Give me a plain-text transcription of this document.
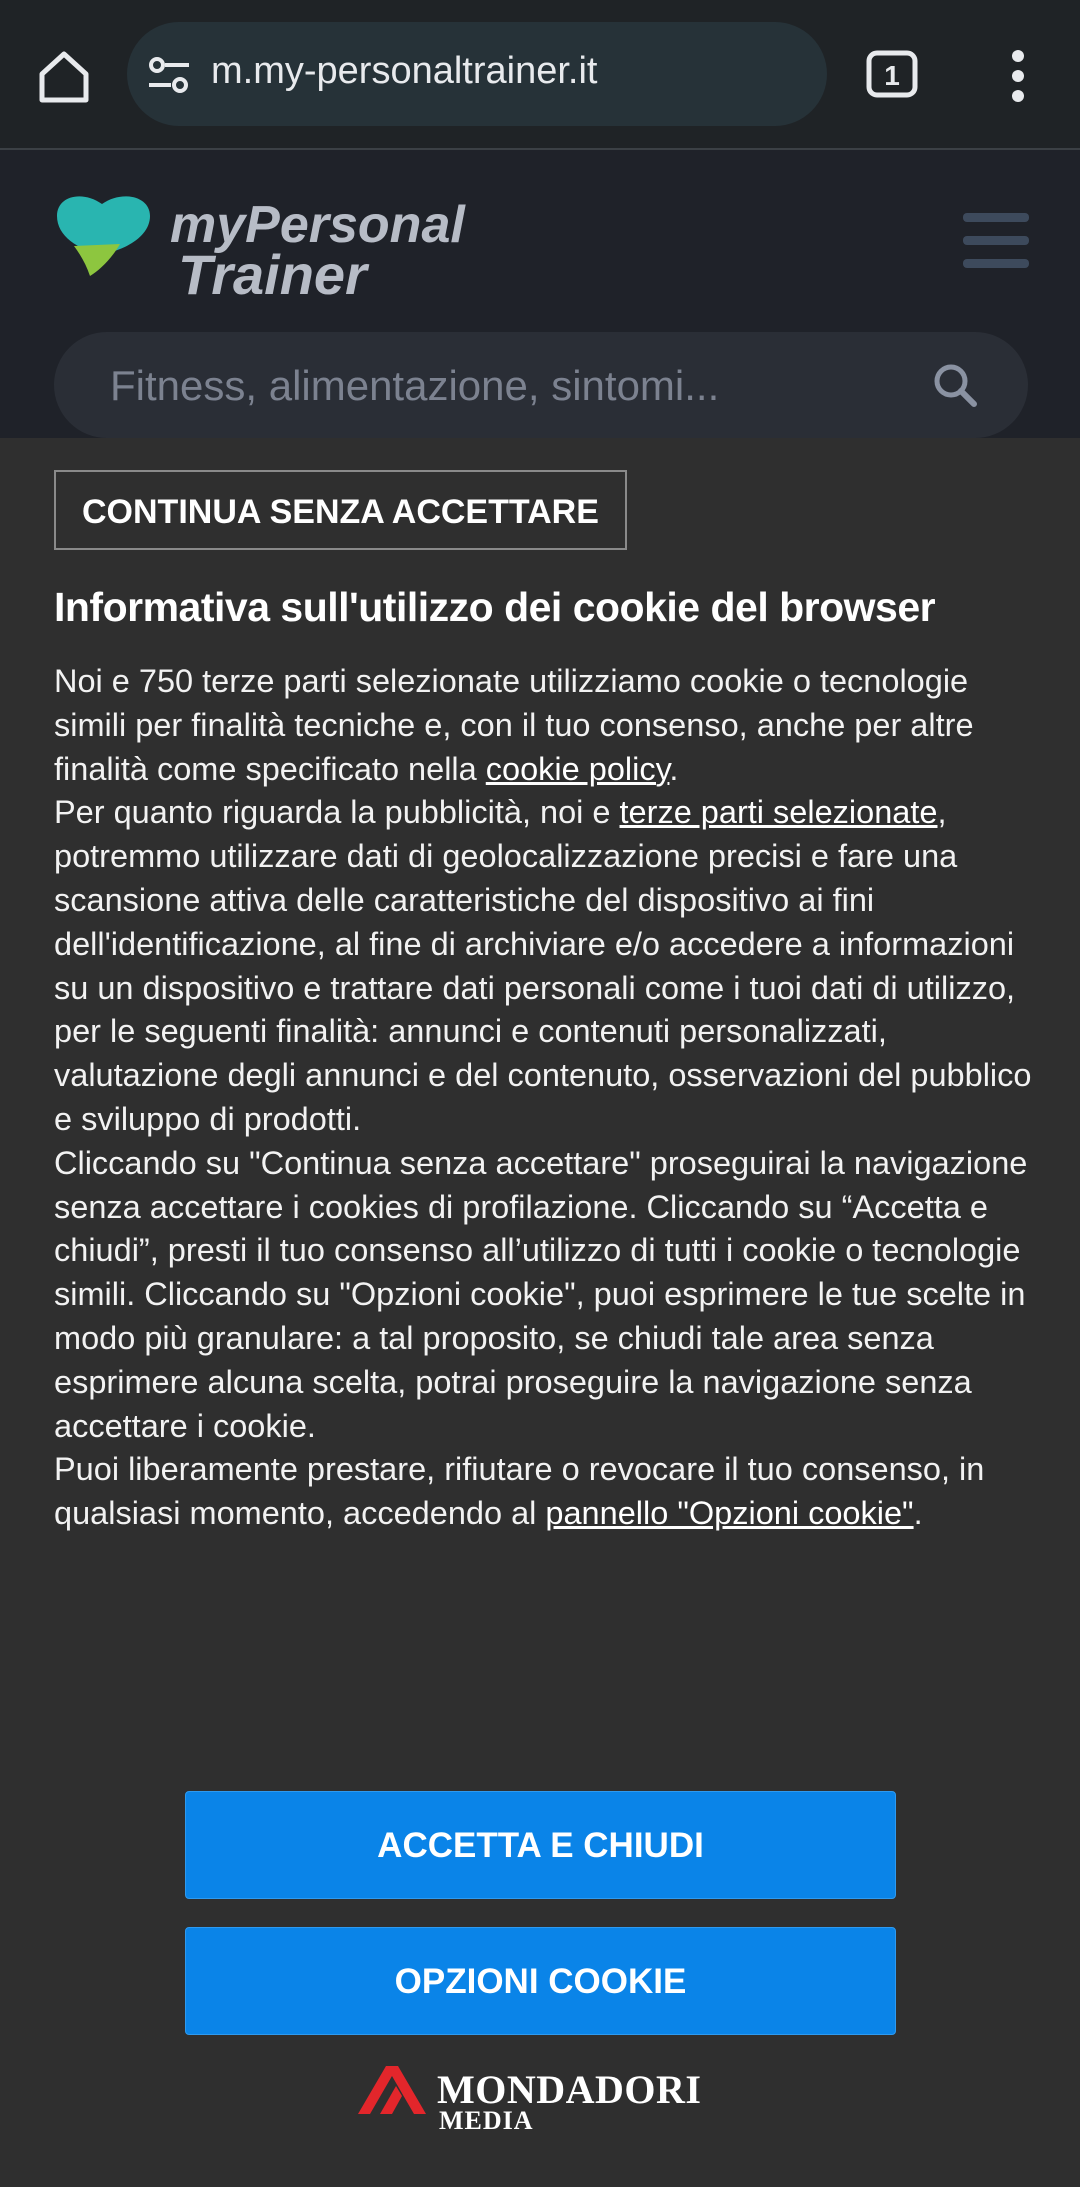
m.my-personaltrainer.it	1
myPersonal
Trainer
Fitness, alimentazione, sintomi...
CONTINUA SENZA ACCETTARE
Informativa sull'utilizzo dei cookie del browser

Noi e 750 terze parti selezionate utilizziamo cookie o tecnologie simili per finalità tecniche e, con il tuo consenso, anche per altre finalità come specificato nella cookie policy.
Per quanto riguarda la pubblicità, noi e terze parti selezionate, potremmo utilizzare dati di geolocalizzazione precisi e fare una scansione attiva delle caratteristiche del dispositivo ai fini dell'identificazione, al fine di archiviare e/o accedere a informazioni su un dispositivo e trattare dati personali come i tuoi dati di utilizzo, per le seguenti finalità: annunci e contenuti personalizzati, valutazione degli annunci e del contenuto, osservazioni del pubblico e sviluppo di prodotti.
Cliccando su "Continua senza accettare" proseguirai la navigazione senza accettare i cookies di profilazione. Cliccando su “Accetta e chiudi”, presti il tuo consenso all’utilizzo di tutti i cookie o tecnologie simili. Cliccando su "Opzioni cookie", puoi esprimere le tue scelte in modo più granulare: a tal proposito, se chiudi tale area senza esprimere alcuna scelta, potrai proseguire la navigazione senza accettare i cookie.
Puoi liberamente prestare, rifiutare o revocare il tuo consenso, in qualsiasi momento, accedendo al pannello "Opzioni cookie".

ACCETTA E CHIUDI
OPZIONI COOKIE
MONDADORI
MEDIA
